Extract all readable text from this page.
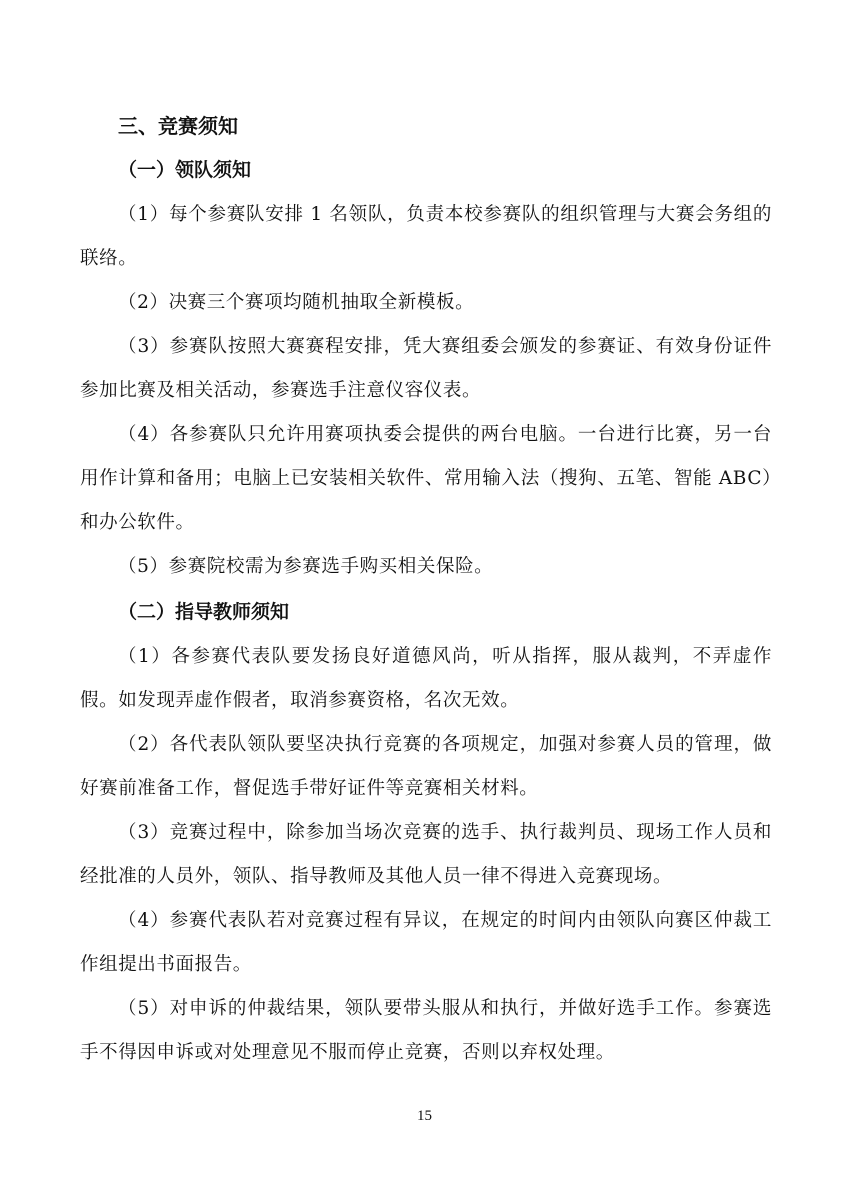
三、竞赛须知
（一）领队须知
（1）每个参赛队安排 1 名领队，负责本校参赛队的组织管理与大赛会务组的联络。
（2）决赛三个赛项均随机抽取全新模板。
（3）参赛队按照大赛赛程安排，凭大赛组委会颁发的参赛证、有效身份证件参加比赛及相关活动，参赛选手注意仪容仪表。
（4）各参赛队只允许用赛项执委会提供的两台电脑。一台进行比赛，另一台用作计算和备用；电脑上已安装相关软件、常用输入法（搜狗、五笔、智能 ABC）和办公软件。
（5）参赛院校需为参赛选手购买相关保险。
（二）指导教师须知
（1）各参赛代表队要发扬良好道德风尚，听从指挥，服从裁判，不弄虚作假。如发现弄虚作假者，取消参赛资格，名次无效。
（2）各代表队领队要坚决执行竞赛的各项规定，加强对参赛人员的管理，做好赛前准备工作，督促选手带好证件等竞赛相关材料。
（3）竞赛过程中，除参加当场次竞赛的选手、执行裁判员、现场工作人员和经批准的人员外，领队、指导教师及其他人员一律不得进入竞赛现场。
（4）参赛代表队若对竞赛过程有异议，在规定的时间内由领队向赛区仲裁工作组提出书面报告。
（5）对申诉的仲裁结果，领队要带头服从和执行，并做好选手工作。参赛选手不得因申诉或对处理意见不服而停止竞赛，否则以弃权处理。
15
